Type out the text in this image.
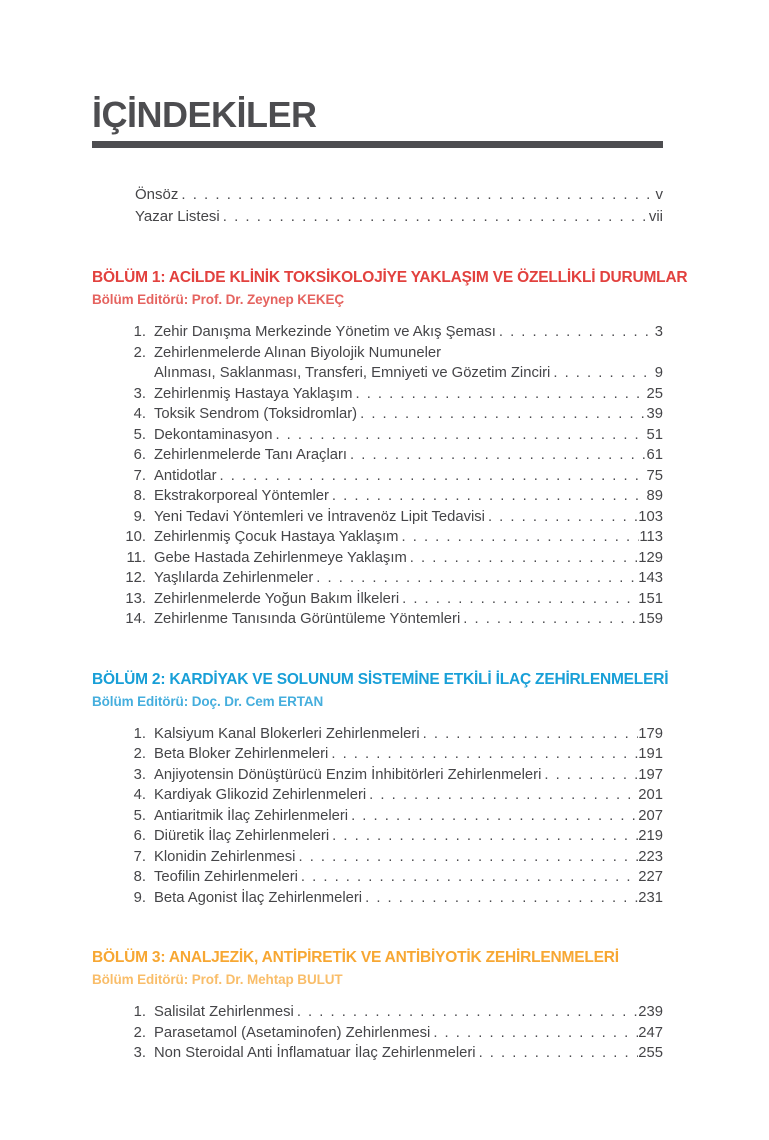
İÇİNDEKİLER
Önsöz . . .	v
Yazar Listesi . . .	vii
BÖLÜM 1: ACİLDE KLİNİK TOKSİKOLOJİYE YAKLAŞIM VE ÖZELLİKLİ DURUMLAR
Bölüm Editörü: Prof. Dr. Zeynep KEKEÇ
1. Zehir Danışma Merkezinde Yönetim ve Akış Şeması . . .	3
2. Zehirlenmelerde Alınan Biyolojik Numuneler
Alınması, Saklanması, Transferi, Emniyeti ve Gözetim Zinciri . . .	9
3. Zehirlenmiş Hastaya Yaklaşım . . .	25
4. Toksik Sendrom (Toksidromlar) . . .	39
5. Dekontaminasyon . . .	51
6. Zehirlenmelerde Tanı Araçları . . .	61
7. Antidotlar . . .	75
8. Ekstrakorporeal Yöntemler . . .	89
9. Yeni Tedavi Yöntemleri ve İntravenöz Lipit Tedavisi . . .	103
10. Zehirlenmiş Çocuk Hastaya Yaklaşım . . .	113
11. Gebe Hastada Zehirlenmeye Yaklaşım . . .	129
12. Yaşlılarda Zehirlenmeler . . .	143
13. Zehirlenmelerde Yoğun Bakım İlkeleri . . .	151
14. Zehirlenme Tanısında Görüntüleme Yöntemleri . . .	159
BÖLÜM 2: KARDİYAK VE SOLUNUM SİSTEMİNE ETKİLİ İLAÇ ZEHİRLENMELERİ
Bölüm Editörü: Doç. Dr. Cem ERTAN
1. Kalsiyum Kanal Blokerleri Zehirlenmeleri . . .	179
2. Beta Bloker Zehirlenmeleri . . .	191
3. Anjiyotensin Dönüştürücü Enzim İnhibitörleri Zehirlenmeleri . . .	197
4. Kardiyak Glikozid Zehirlenmeleri . . .	201
5. Antiaritmik İlaç Zehirlenmeleri . . .	207
6. Diüretik İlaç Zehirlenmeleri . . .	219
7. Klonidin Zehirlenmesi . . .	223
8. Teofilin Zehirlenmeleri . . .	227
9. Beta Agonist İlaç Zehirlenmeleri . . .	231
BÖLÜM 3: ANALJEZİK, ANTİPİRETİK VE ANTİBİYOTİK ZEHİRLENMELERİ
Bölüm Editörü: Prof. Dr. Mehtap BULUT
1. Salisilat Zehirlenmesi . . .	239
2. Parasetamol (Asetaminofen) Zehirlenmesi . . .	247
3. Non Steroidal Anti İnflamatuar İlaç Zehirlenmeleri . . .	255
